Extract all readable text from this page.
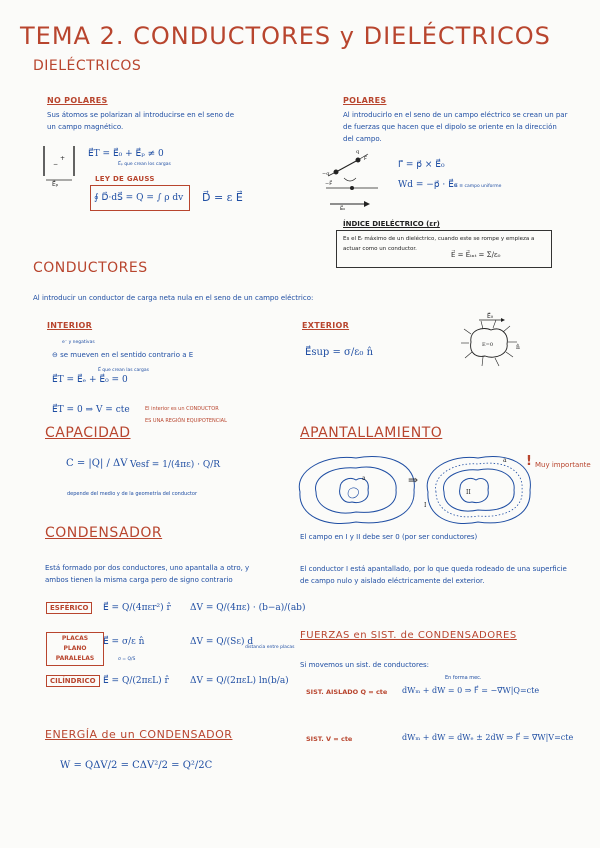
TEMA 2. CONDUCTORES y DIELÉCTRICOS
DIELÉCTRICOS
NO POLARES
Sus átomos se polarizan al introducirse en el seno de un campo magnético.
+
−
E⃗ₚ
E⃗T = E⃗₀ + E⃗ₚ ≠ 0
E⃗ₚ que crean los cargas
LEY DE GAUSS
∮ D⃗·dS⃗ = Q = ∫ ρ dv	D⃗ = ε E⃗
POLARES
Al introducirlo en el seno de un campo eléctrico se crean un par de fuerzas que hacen que el dipolo se oriente en la dirección del campo.
q
−q
F⃗
−F⃗
E⃗₀
Γ⃗ = p⃗ × E⃗₀
Wd = −p⃗ · E⃗₀
E ≡ campo uniforme
ÍNDICE DIELÉCTRICO (εr)
Es el Eᵣ máximo de un dieléctrico, cuando este se rompe y empieza a actuar como un conductor.
E⃗ = E⃗ᵢₙₜ = Σ/ε₀
CONDUCTORES
Al introducir un conductor de carga neta nula en el seno de un campo eléctrico:
INTERIOR
e⁻ y negativas
⊖ se mueven en el sentido contrario a E
E⃗ que crean las cargas
E⃗T = E⃗ₑ + E⃗₀ = 0
E⃗T = 0 ⇒ V = cte	El interior es un CONDUCTOR
ES UNA REGIÓN EQUIPOTENCIAL
EXTERIOR
E⃗sup = σ/ε₀ n̂
E⃗₀
E=0	n̂
CAPACIDAD
C = |Q| / ΔV Vesf = 1/(4πε) · Q/R
depende del medio y de la geometría del conductor
APANTALLAMIENTO
a	⇒
II
I
a ! Muy importante
El campo en I y II debe ser 0 (por ser conductores)
El conductor I está apantallado, por lo que queda rodeado de una superficie de campo nulo y aislado eléctricamente del exterior.
CONDENSADOR
Está formado por dos conductores, uno apantalla a otro, y ambos tienen la misma carga pero de signo contrario
ESFÉRICO	E⃗ = Q/(4πεr²) r̂ ΔV = Q/(4πε) · (b−a)/(ab)
PLACAS PLANO PARALELAS
E⃗ = σ/ε n̂
σ = Q/S
ΔV = Q/(Sε) d
distancia entre placas
CILÍNDRICO E⃗ = Q/(2πεL) r̂ ΔV = Q/(2πεL) ln(b/a)
ENERGÍA de un CONDENSADOR
W = QΔV/2 = CΔV²/2 = Q²/2C
FUERZAS en SIST. de CONDENSADORES
Si movemos un sist. de conductores:
En forma mec.
SIST. AISLADO Q = cte dWₘ + dW = 0 ⇒ F⃗ = −∇⃗W|Q=cte
SIST. V = cte	dWₘ + dW = dWₑ ± 2dW ⇒ F⃗ = ∇⃗W|V=cte
